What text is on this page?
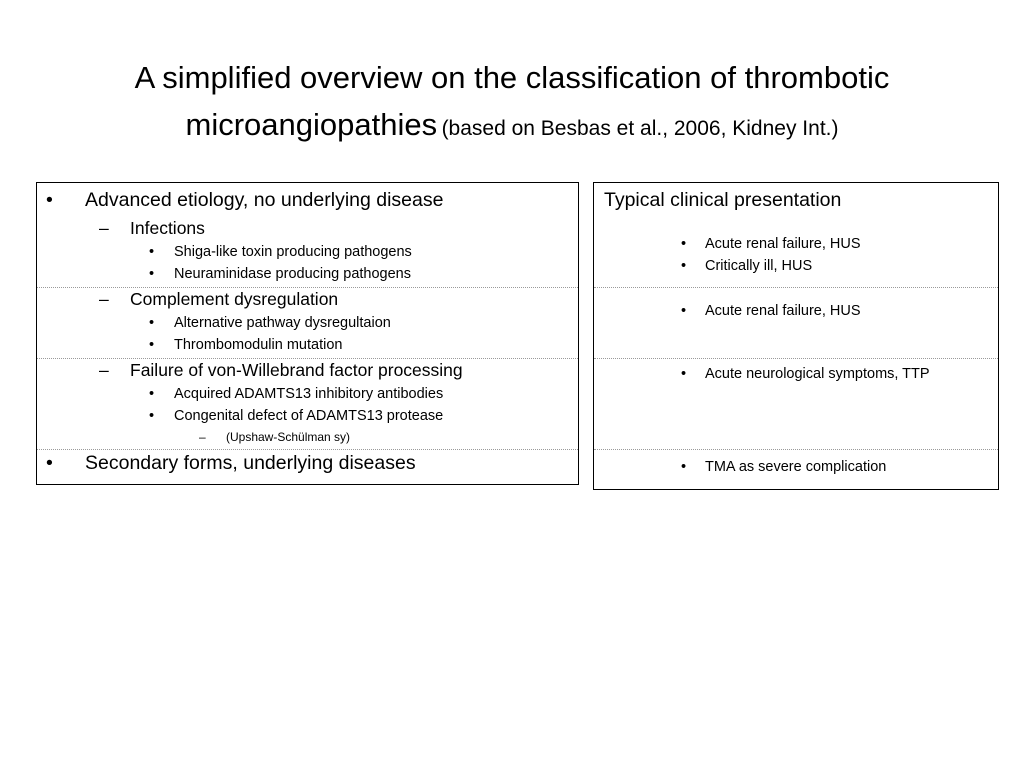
A simplified overview on the classification of thrombotic microangiopathies (based on Besbas et al., 2006, Kidney Int.)
• Advanced etiology, no underlying disease
– Infections
• Shiga-like toxin producing pathogens
• Neuraminidase producing pathogens
– Complement dysregulation
• Alternative pathway dysregultaion
• Thrombomodulin mutation
– Failure of von-Willebrand factor processing
• Acquired ADAMTS13 inhibitory antibodies
• Congenital defect of ADAMTS13 protease
– (Upshaw-Schülman sy)
• Secondary forms, underlying diseases
Typical clinical presentation
• Acute renal failure, HUS
• Critically ill, HUS
• Acute renal failure, HUS
• Acute neurological symptoms, TTP
• TMA as severe complication
